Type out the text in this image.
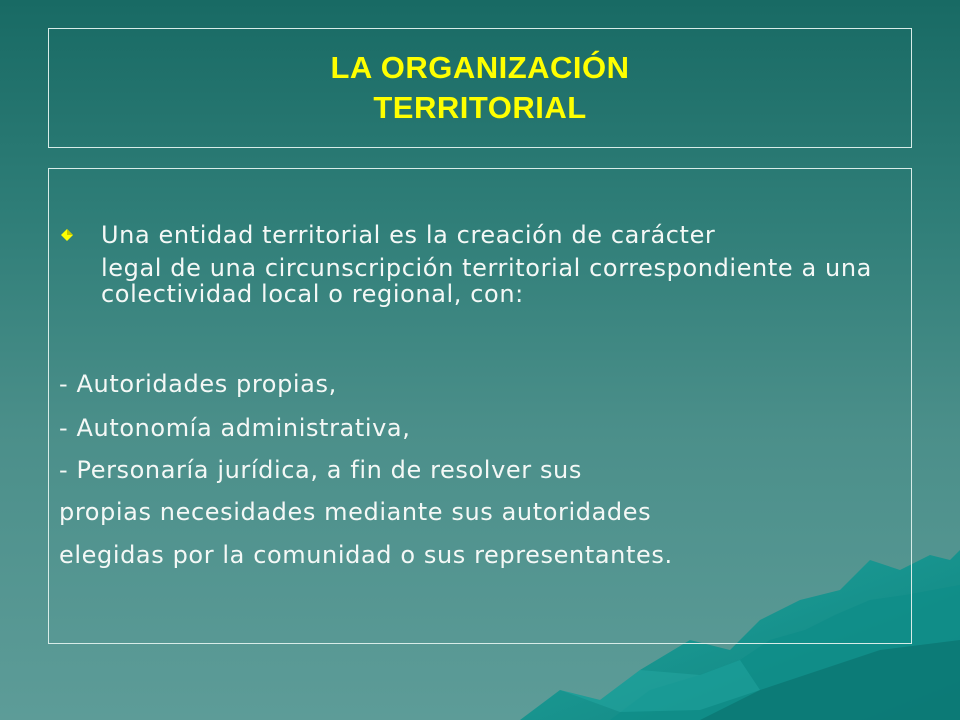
LA ORGANIZACIÓN
TERRITORIAL
Una entidad territorial es la creación de carácter
legal de una circunscripción territorial correspondiente a una colectividad local o regional, con:
- Autoridades propias,
- Autonomía administrativa,
- Personaría jurídica, a fin de resolver sus
propias necesidades mediante sus autoridades
elegidas por la comunidad o sus representantes.
